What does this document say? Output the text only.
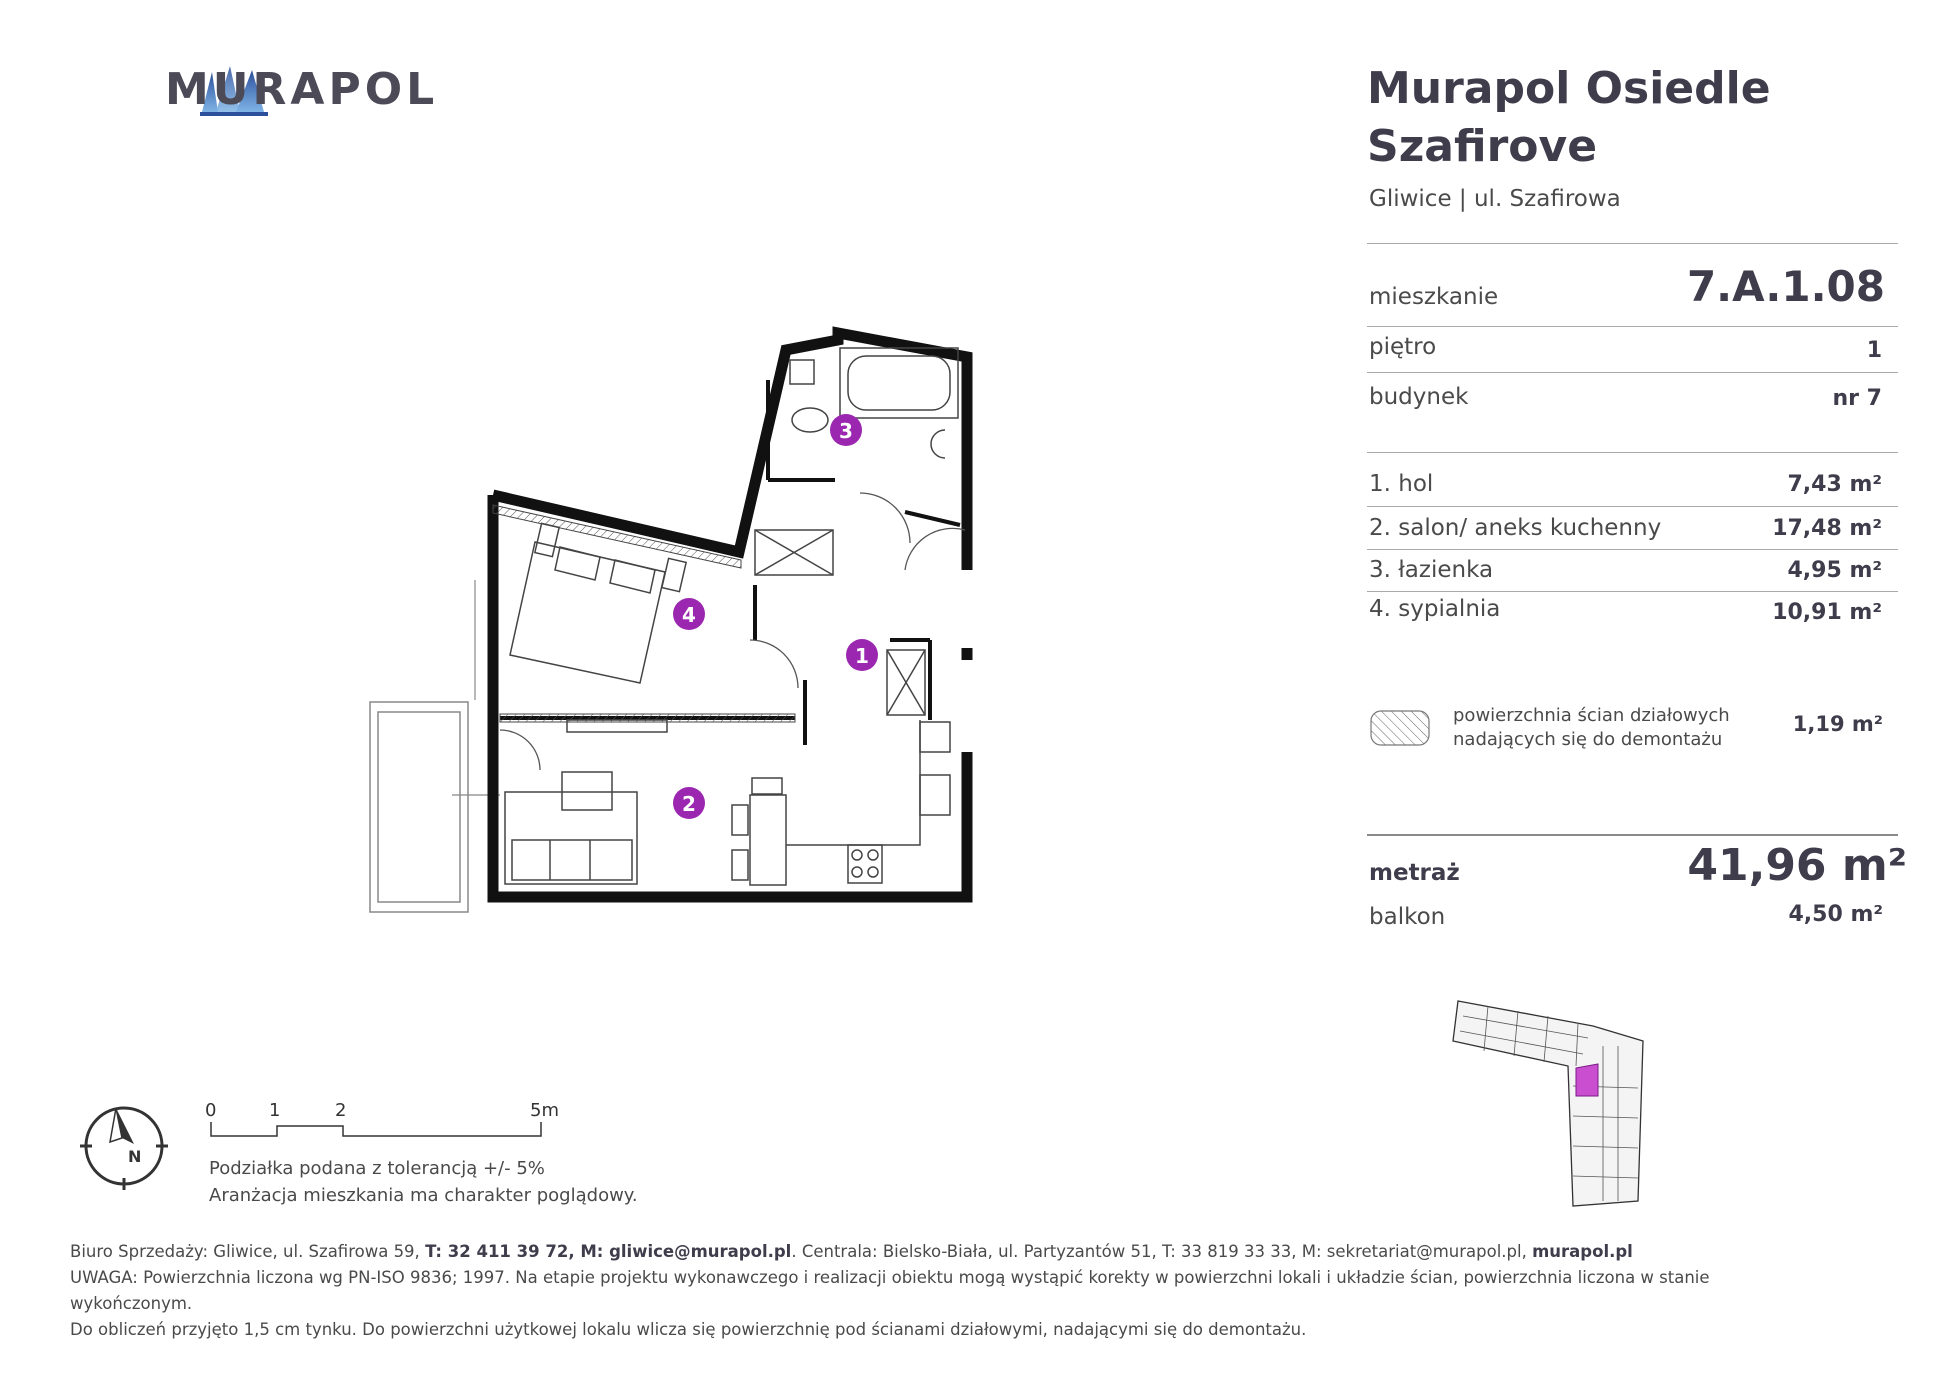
MURAPOL	Murapol Osiedle Szafirove
Gliwice | ul. Szafirowa
mieszkanie	7.A.1.08
piętro	1
budynek	nr 7
1. hol	7,43 m²
2. salon/ aneks kuchenny	17,48 m²
3. łazienka	4,95 m²
4. sypialnia	10,91 m²
powierzchnia ścian działowych nadających się do demontażu
1,19 m²
metraż	41,96 m²
balkon	4,50 m²
1
2
3
4
N
0	1	2	5m
Podziałka podana z tolerancją +/- 5%
Aranżacja mieszkania ma charakter poglądowy.
Biuro Sprzedaży: Gliwice, ul. Szafirowa 59, T: 32 411 39 72, M: gliwice@murapol.pl. Centrala: Bielsko-Biała, ul. Partyzantów 51, T: 33 819 33 33, M: sekretariat@murapol.pl, murapol.pl
UWAGA: Powierzchnia liczona wg PN-ISO 9836; 1997. Na etapie projektu wykonawczego i realizacji obiektu mogą wystąpić korekty w powierzchni lokali i układzie ścian, powierzchnia liczona w stanie
wykończonym.
Do obliczeń przyjęto 1,5 cm tynku. Do powierzchni użytkowej lokalu wlicza się powierzchnię pod ścianami działowymi, nadającymi się do demontażu.
